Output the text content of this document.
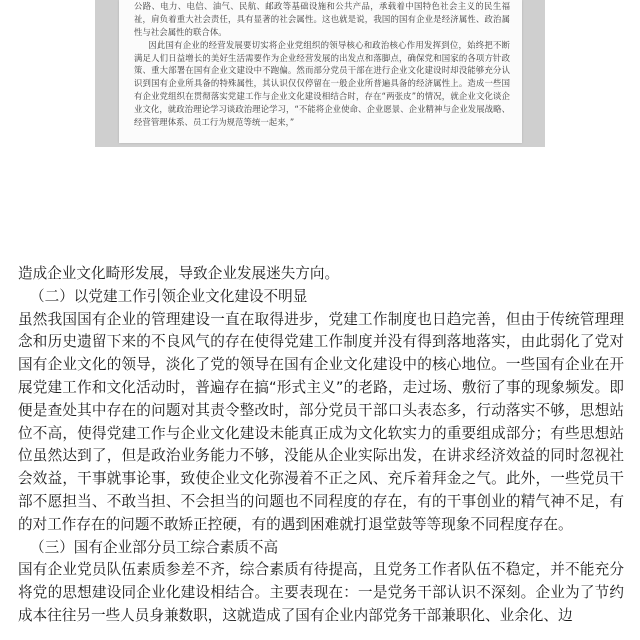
公路、电力、电信、油气、民航、邮政等基础设施和公共产品，承载着中国特色社会主义的民生福祉，肩负着重大社会责任，具有显著的社会属性。这也就是说，我国的国有企业是经济属性、政治属性与社会属性的联合体。

因此国有企业的经营发展要切实将企业党组织的领导核心和政治核心作用发挥到位，始终把不断满足人们日益增长的美好生活需要作为企业经营发展的出发点和落脚点，确保党和国家的各项方针政策、重大部署在国有企业文建设中不跑偏。然而部分党员干部在进行企业文化建设时却没能够充分认识到国有企业所具备的特殊属性，其认识仅仅停留在一般企业所普遍具备的经济属性上。造成一些国有企业党组织在贯彻落实党建工作与企业文化建设相结合时，存在“两张皮”的情况，就企业文化谈企业文化，就政治理论学习谈政治理论学习，“不能将企业使命、企业愿景、企业精神与企业发展战略、经营管理体系、员工行为规范等统一起来，”

造成企业文化畸形发展，导致企业发展迷失方向。

（二）以党建工作引领企业文化建设不明显

虽然我国国有企业的管理建设一直在取得进步，党建工作制度也日趋完善，但由于传统管理理念和历史遗留下来的不良风气的存在使得党建工作制度并没有得到落地落实，由此弱化了党对国有企业文化的领导，淡化了党的领导在国有企业文化建设中的核心地位。一些国有企业在开展党建工作和文化活动时，普遍存在搞“形式主义”的老路，走过场、敷衍了事的现象频发。即便是查处其中存在的问题对其责令整改时，部分党员干部口头表态多，行动落实不够，思想站位不高，使得党建工作与企业文化建设未能真正成为文化软实力的重要组成部分；有些思想站位虽然达到了，但是政治业务能力不够，没能从企业实际出发，在讲求经济效益的同时忽视社会效益，干事就事论事，致使企业文化弥漫着不正之风、充斥着拜金之气。此外，一些党员干部不愿担当、不敢当担、不会担当的问题也不同程度的存在，有的干事创业的精气神不足，有的对工作存在的问题不敢矫正控硬，有的遇到困难就打退堂鼓等等现象不同程度存在。

（三）国有企业部分员工综合素质不高

国有企业党员队伍素质参差不齐，综合素质有待提高，且党务工作者队伍不稳定，并不能充分将党的思想建设同企业化建设相结合。主要表现在：一是党务干部认识不深刻。企业为了节约成本往往另一些人员身兼数职，这就造成了国有企业内部党务干部兼职化、业余化、边
